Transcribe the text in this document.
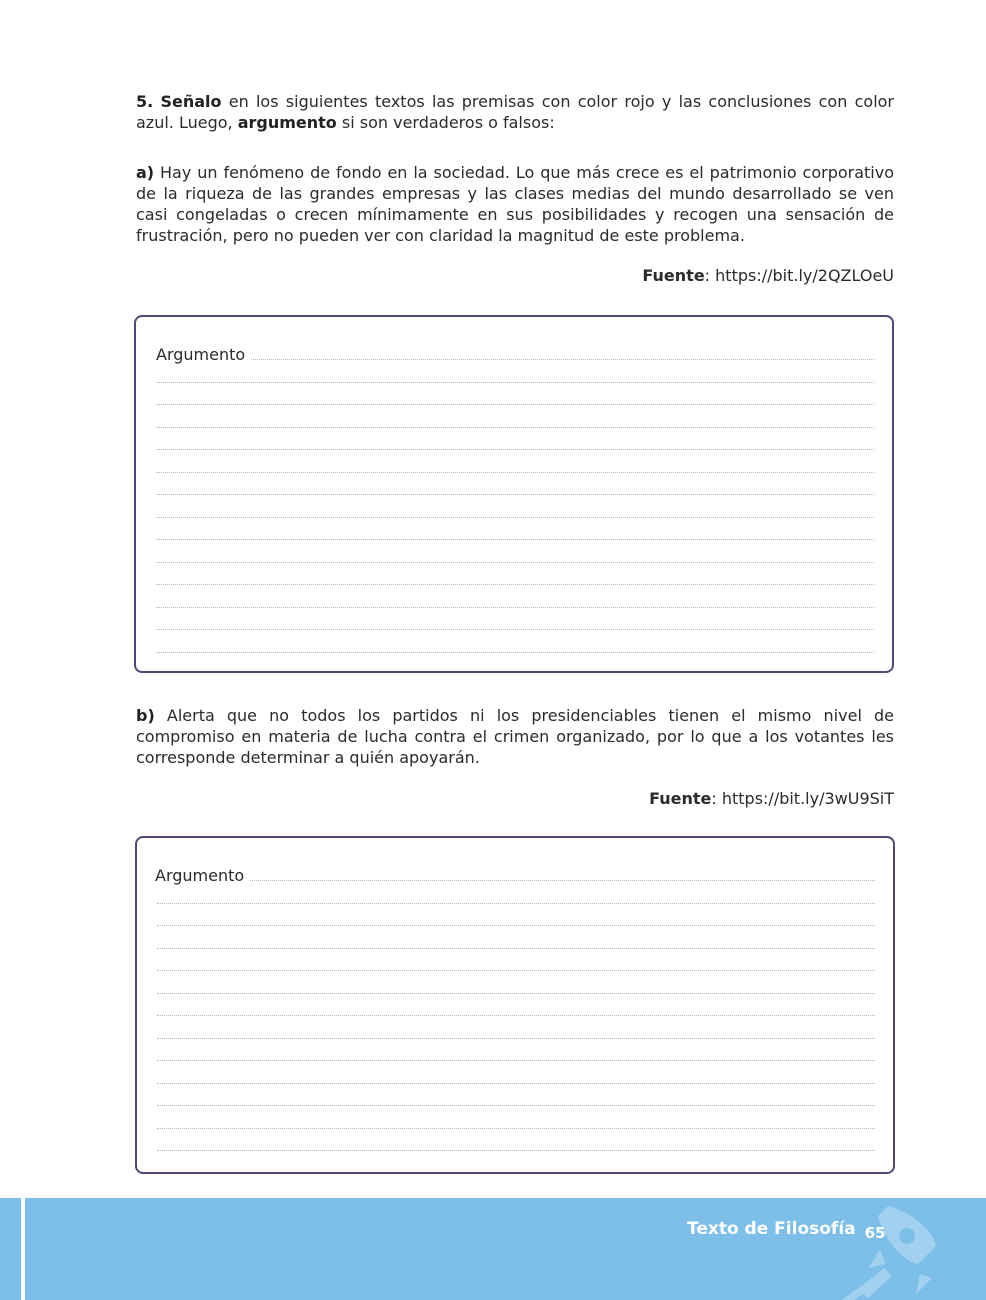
5. Señalo en los siguientes textos las premisas con color rojo y las conclusiones con color azul. Luego, argumento si son verdaderos o falsos:

a) Hay un fenómeno de fondo en la sociedad. Lo que más crece es el patrimonio corporativo de la riqueza de las grandes empresas y las clases medias del mundo desarrollado se ven casi congeladas o crecen mínimamente en sus posibilidades y recogen una sensación de frustración, pero no pueden ver con claridad la magnitud de este problema.

Fuente: https://bit.ly/2QZLOeU

Argumento

b) Alerta que no todos los partidos ni los presidenciables tienen el mismo nivel de compromiso en materia de lucha contra el crimen organizado, por lo que a los votantes les corresponde determinar a quién apoyarán.

Fuente: https://bit.ly/3wU9SiT

Argumento
Texto de Filosofía 65
